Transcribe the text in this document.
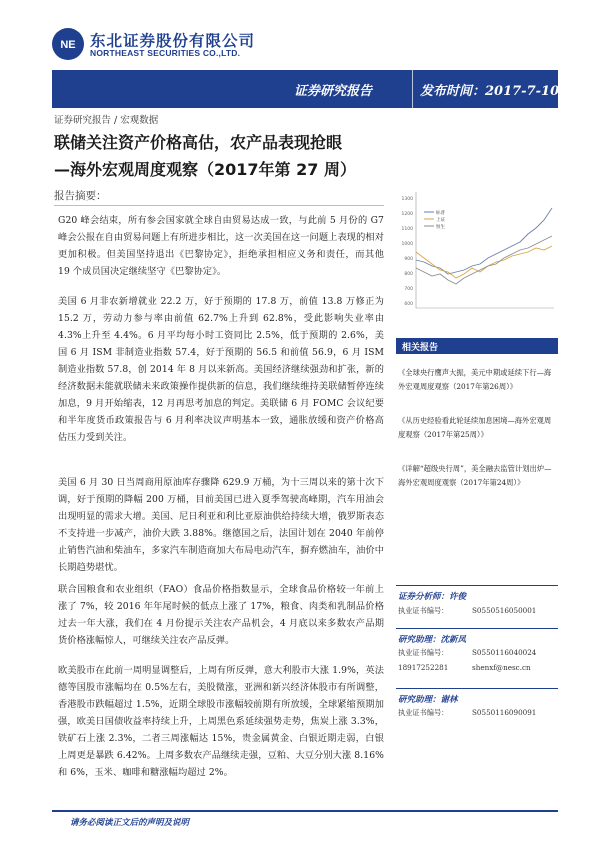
NE 东北证券股份有限公司
NORTHEAST SECURITIES CO.,LTD.
证券研究报告	发布时间：2017-7-10
证券研究报告 / 宏观数据
联储关注资产价格高估，农产品表现抢眼
—海外宏观周度观察（2017年第 27 周）
报告摘要：
G20 峰会结束，所有参会国家就全球自由贸易达成一致，与此前 5 月份的 G7 峰会公报在自由贸易问题上有所进步相比，这一次美国在这一问题上表现的相对更加积极。但美国坚持退出《巴黎协定》，拒绝承担相应义务和责任，而其他 19 个成员国决定继续坚守《巴黎协定》。
美国 6 月非农新增就业 22.2 万，好于预期的 17.8 万，前值 13.8 万修正为 15.2 万，劳动力参与率由前值 62.7%上升到 62.8%，受此影响失业率由 4.3%上升至 4.4%。6 月平均每小时工资同比 2.5%，低于预期的 2.6%，美国 6 月 ISM 非制造业指数 57.4，好于预期的 56.5 和前值 56.9，6 月 ISM 制造业指数 57.8，创 2014 年 8 月以来新高。美国经济继续强劲和扩张，新的经济数据未能就联储未来政策操作提供新的信息，我们继续维持美联储暂停连续加息，9 月开始缩表，12 月再思考加息的判定。美联储 6 月 FOMC 会议纪要和半年度货币政策报告与 6 月利率决议声明基本一致，通胀放缓和资产价格高估压力受到关注。
美国 6 月 30 日当周商用原油库存骤降 629.9 万桶，为十三周以来的第十次下调，好于预期的降幅 200 万桶，目前美国已进入夏季驾驶高峰期，汽车用油会出现明显的需求大增。美国、尼日利亚和利比亚原油供给持续大增，俄罗斯表态不支持进一步减产，油价大跌 3.88%。继德国之后，法国计划在 2040 年前停止销售汽油和柴油车，多家汽车制造商加大布局电动汽车，摒弃燃油车，油价中长期趋势堪忧。
联合国粮食和农业组织（FAO）食品价格指数显示，全球食品价格较一年前上涨了 7%，较 2016 年年尾时候的低点上涨了 17%，粮食、肉类和乳制品价格过去一年大涨，我们在 4 月份提示关注农产品机会，4 月底以来多数农产品期货价格涨幅惊人，可继续关注农产品反弹。
欧美股市在此前一周明显调整后，上周有所反弹，意大利股市大涨 1.9%，英法德等国股市涨幅均在 0.5%左右，美股微涨，亚洲和新兴经济体股市有所调整，香港股市跌幅超过 1.5%，近期全球股市涨幅较前期有所放缓，全球紧缩预期加强，欧美日国债收益率持续上升，上周黑色系延续强势走势，焦炭上涨 3.3%，铁矿石上涨 2.3%，二者三周涨幅达 15%，贵金属黄金、白银近期走弱，白银上周更是暴跌 6.42%。上周多数农产品继续走强，豆粕、大豆分别大涨 8.16%和 6%，玉米、咖啡和糖涨幅均超过 2%。
1300
1200
1100
1000
900
800
700
600
标普
上证
恒生
相关报告
《全球央行鹰声大振，美元中期或延续下行—海外宏观周度观察（2017年第26周）》
《从历史经验看此轮延续加息困境—海外宏观周度观察（2017年第25周）》
《详解“超级央行周”，美全融去监管计划出炉—海外宏观周度观察（2017年第24周）》
证券分析师：许俊
执业证书编号：	S0550516050001
研究助理：沈新凤
执业证书编号：	S0550116040024
18917252281	shenxf@nesc.cn
研究助理：谢林
执业证书编号：	S0550116090091
请务必阅读正文后的声明及说明
